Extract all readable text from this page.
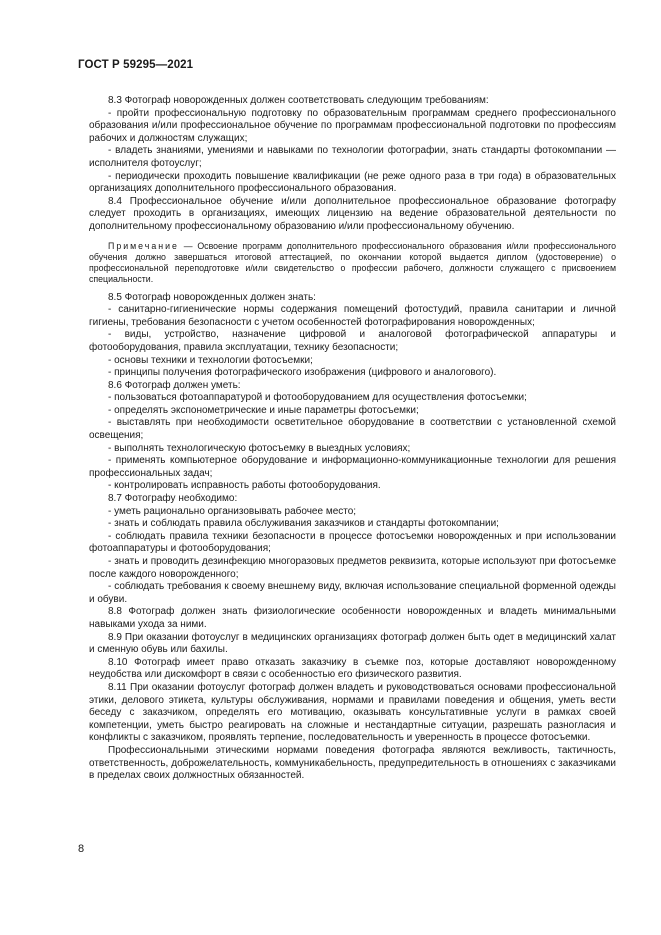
ГОСТ Р 59295—2021

8.3 Фотограф новорожденных должен соответствовать следующим требованиям:

- пройти профессиональную подготовку по образовательным программам среднего профессионального образования и/или профессиональное обучение по программам профессиональной подготовки по профессиям рабочих и должностям служащих;

- владеть знаниями, умениями и навыками по технологии фотографии, знать стандарты фотокомпании — исполнителя фотоуслуг;

- периодически проходить повышение квалификации (не реже одного раза в три года) в образовательных организациях дополнительного профессионального образования.

8.4 Профессиональное обучение и/или дополнительное профессиональное образование фотографу следует проходить в организациях, имеющих лицензию на ведение образовательной деятельности по дополнительному профессиональному образованию и/или профессиональному обучению.

Примечание — Освоение программ дополнительного профессионального образования и/или профессионального обучения должно завершаться итоговой аттестацией, по окончании которой выдается диплом (удостоверение) о профессиональной переподготовке и/или свидетельство о профессии рабочего, должности служащего с присвоением специальности.

8.5 Фотограф новорожденных должен знать:

- санитарно-гигиенические нормы содержания помещений фотостудий, правила санитарии и личной гигиены, требования безопасности с учетом особенностей фотографирования новорожденных;

- виды, устройство, назначение цифровой и аналоговой фотографической аппаратуры и фотооборудования, правила эксплуатации, технику безопасности;

- основы техники и технологии фотосъемки;

- принципы получения фотографического изображения (цифрового и аналогового).

8.6 Фотограф должен уметь:

- пользоваться фотоаппаратурой и фотооборудованием для осуществления фотосъемки;

- определять экспонометрические и иные параметры фотосъемки;

- выставлять при необходимости осветительное оборудование в соответствии с установленной схемой освещения;

- выполнять технологическую фотосъемку в выездных условиях;

- применять компьютерное оборудование и информационно-коммуникационные технологии для решения профессиональных задач;

- контролировать исправность работы фотооборудования.

8.7 Фотографу необходимо:

- уметь рационально организовывать рабочее место;

- знать и соблюдать правила обслуживания заказчиков и стандарты фотокомпании;

- соблюдать правила техники безопасности в процессе фотосъемки новорожденных и при использовании фотоаппаратуры и фотооборудования;

- знать и проводить дезинфекцию многоразовых предметов реквизита, которые используют при фотосъемке после каждого новорожденного;

- соблюдать требования к своему внешнему виду, включая использование специальной форменной одежды и обуви.

8.8 Фотограф должен знать физиологические особенности новорожденных и владеть минимальными навыками ухода за ними.

8.9 При оказании фотоуслуг в медицинских организациях фотограф должен быть одет в медицинский халат и сменную обувь или бахилы.

8.10 Фотограф имеет право отказать заказчику в съемке поз, которые доставляют новорожденному неудобства или дискомфорт в связи с особенностью его физического развития.

8.11 При оказании фотоуслуг фотограф должен владеть и руководствоваться основами профессиональной этики, делового этикета, культуры обслуживания, нормами и правилами поведения и общения, уметь вести беседу с заказчиком, определять его мотивацию, оказывать консультативные услуги в рамках своей компетенции, уметь быстро реагировать на сложные и нестандартные ситуации, разрешать разногласия и конфликты с заказчиком, проявлять терпение, последовательность и уверенность в процессе фотосъемки.

Профессиональными этическими нормами поведения фотографа являются вежливость, тактичность, ответственность, доброжелательность, коммуникабельность, предупредительность в отношениях с заказчиками в пределах своих должностных обязанностей.

8
